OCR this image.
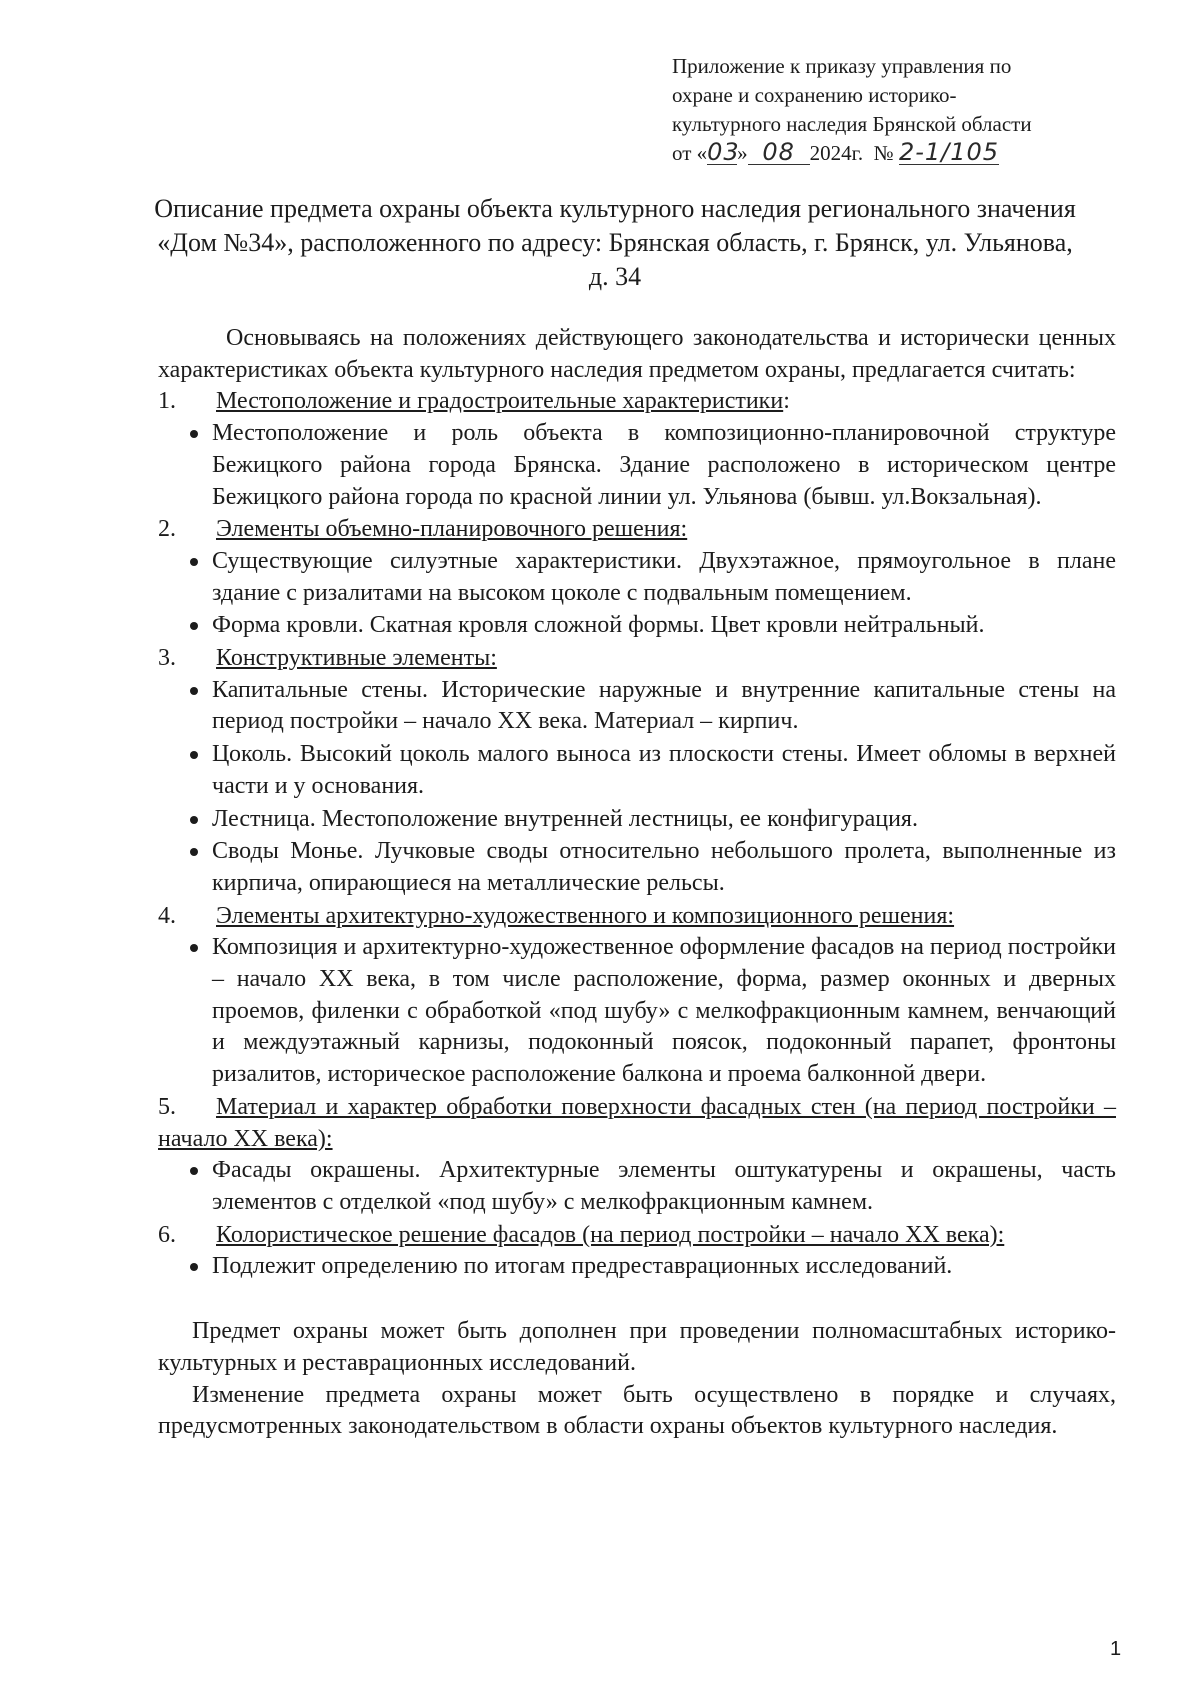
Приложение к приказу управления по
охране и сохранению историко-
культурного наследия Брянской области
от «03» 08 2024г. № 2-1/105
Описание предмета охраны объекта культурного наследия регионального значения «Дом №34», расположенного по адресу: Брянская область, г. Брянск, ул. Ульянова, д. 34

Основываясь на положениях действующего законодательства и исторически ценных характеристиках объекта культурного наследия предметом охраны, предлагается считать:

1.	Местоположение и градостроительные характеристики:
Местоположение и роль объекта в композиционно-планировочной структуре Бежицкого района города Брянска. Здание расположено в историческом центре Бежицкого района города по красной линии ул. Ульянова (бывш. ул.Вокзальная).
2.	Элементы объемно-планировочного решения:
Существующие силуэтные характеристики. Двухэтажное, прямоугольное в плане здание с ризалитами на высоком цоколе с подвальным помещением.
Форма кровли. Скатная кровля сложной формы. Цвет кровли нейтральный.
3.	Конструктивные элементы:
Капитальные стены. Исторические наружные и внутренние капитальные стены на период постройки – начало XX века. Материал – кирпич.
Цоколь. Высокий цоколь малого выноса из плоскости стены. Имеет обломы в верхней части и у основания.
Лестница. Местоположение внутренней лестницы, ее конфигурация.
Своды Монье. Лучковые своды относительно небольшого пролета, выполненные из кирпича, опирающиеся на металлические рельсы.
4.	Элементы архитектурно-художественного и композиционного решения:
Композиция и архитектурно-художественное оформление фасадов на период постройки – начало XX века, в том числе расположение, форма, размер оконных и дверных проемов, филенки с обработкой «под шубу» с мелкофракционным камнем, венчающий и междуэтажный карнизы, подоконный поясок, подоконный парапет, фронтоны ризалитов, историческое расположение балкона и проема балконной двери.

5. Материал и характер обработки поверхности фасадных стен (на период постройки – начало XX века):

Фасады окрашены. Архитектурные элементы оштукатурены и окрашены, часть элементов с отделкой «под шубу» с мелкофракционным камнем.
6.	Колористическое решение фасадов (на период постройки – начало XX века):
Подлежит определению по итогам предреставрационных исследований.

Предмет охраны может быть дополнен при проведении полномасштабных историко-культурных и реставрационных исследований.

Изменение предмета охраны может быть осуществлено в порядке и случаях, предусмотренных законодательством в области охраны объектов культурного наследия.

1
